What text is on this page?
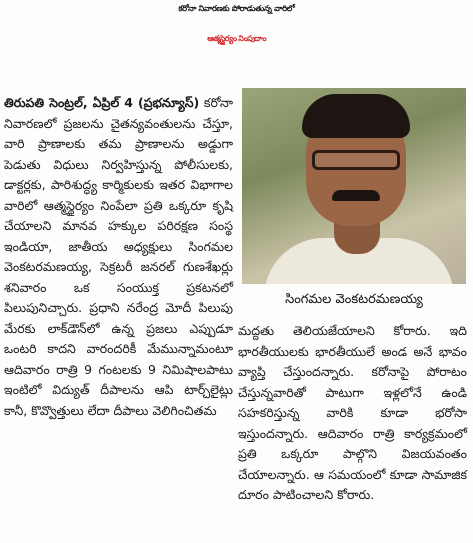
కరోనా నివారణకు పోరాడుతున్న వారిలో
ఆత్మస్థైర్యం నింపుదాం
తిరుపతి సెంట్రల్, ఏప్రిల్ 4 (ప్రభన్యూస్) కరోనా నివారణలో ప్రజలను చైతన్యవంతులను చేస్తూ, వారి ప్రాణాలకు తమ ప్రాణాలను అడ్డుగా పెడుతు విధులు నిర్వహిస్తున్న పోలీసులకు, డాక్టర్లకు, పారిశుద్ధ్య కార్మికులకు ఇతర విభాగాల వారిలో ఆత్మస్థైర్యం నింపేలా ప్రతి ఒక్కరూ కృషి చేయాలని మానవ హక్కుల పరిరక్షణ సంస్థ ఇండియా, జాతీయ అధ్యక్షులు సింగమల వెంకటరమణయ్య, సెక్రటరీ జనరల్ గుణశేఖర్లు శనివారం ఒక సంయుక్త ప్రకటనలో పిలుపునిచ్చారు. ప్రధాని నరేంద్ర మోదీ పిలుపు మేరకు లాక్‌డౌన్‌లో ఉన్న ప్రజలు ఎప్పుడూ ఒంటరి కాదని వారందరికీ మేమున్నామంటూ ఆదివారం రాత్రి 9 గంటలకు 9 నిమిషాలపాటు ఇంటిలో విద్యుత్ దీపాలను ఆపి టార్చ్‌లైట్లు కానీ, కొవ్వొత్తులు లేదా దీపాలు వెలిగించితమ
సింగమల వెంకటరమణయ్య
మద్దతు తెలియజేయాలని కోరారు. ఇది భారతీయులకు భారతీయులే అండ అనే భావం వ్యాప్తి చేస్తుందన్నారు. కరోనాపై పోరాటం చేస్తున్నవారితో పాటుగా ఇళ్లలోనే ఉండి సహకరిస్తున్న వారికి కూడా భరోసా ఇస్తుందన్నారు. ఆదివారం రాత్రి కార్యక్రమంలో ప్రతి ఒక్కరూ పాల్గొని విజయవంతం చేయాలన్నారు. ఆ సమయంలో కూడా సామాజిక దూరం పాటించాలని కోరారు.
